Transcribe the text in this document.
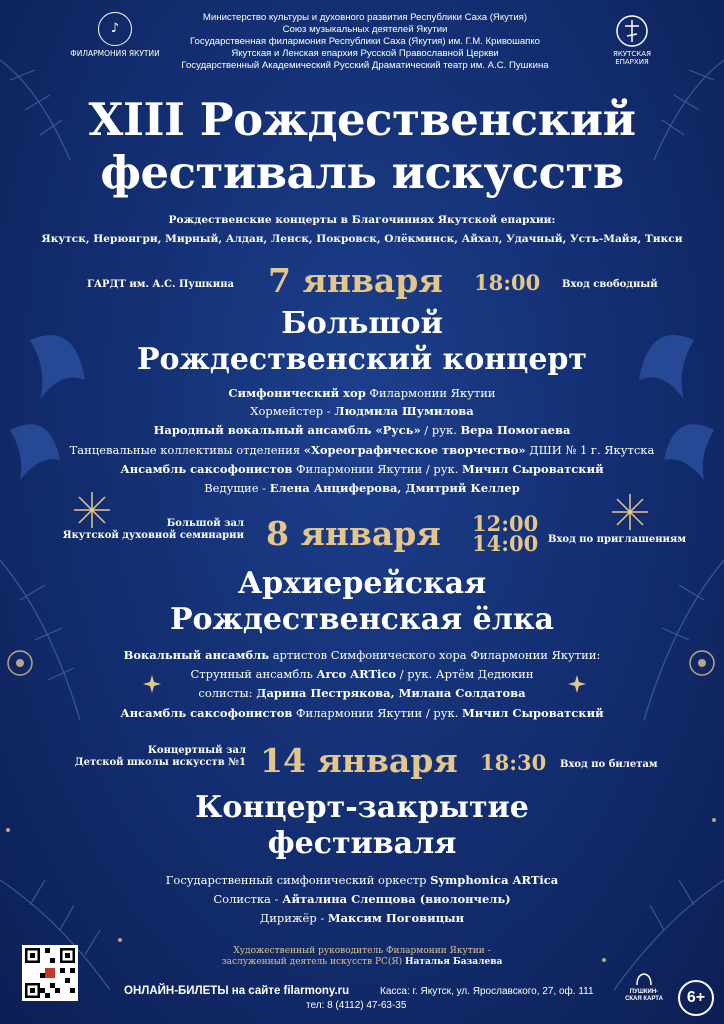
♪
ФИЛАРМОНИЯ ЯКУТИИ
Министерство культуры и духовного развития Республики Саха (Якутия)
Союз музыкальных деятелей Якутии
Государственная филармония Республики Саха (Якутия) им. Г.М. Кривошапко
Якутская и Ленская епархия Русской Православной Церкви
Государственный Академический Русский Драматический театр им. А.С. Пушкина
ЯКУТСКАЯ ЕПАРХИЯ
XIII Рождественский
фестиваль искусств
Рождественские концерты в Благочиниях Якутской епархии:
Якутск, Нерюнгри, Мирный, Алдан, Ленск, Покровск, Олёкминск, Айхал, Удачный, Усть-Майя, Тикси
ГАРДТ им. А.С. Пушкина 7 января 18:00 Вход свободный
Большой
Рождественский концерт
Симфонический хор Филармонии Якутии
Хормейстер - Людмила Шумилова
Народный вокальный ансамбль «Русь» / рук. Вера Помогаева
Танцевальные коллективы отделения «Хореографическое творчество» ДШИ № 1 г. Якутска
Ансамбль саксофонистов Филармонии Якутии / рук. Мичил Сыроватский
Ведущие - Елена Анциферова, Дмитрий Келлер
Большой зал
Якутской духовной семинарии 8 января 12:00
14:00 Вход по приглашениям
Архиерейская
Рождественская ёлка
Вокальный ансамбль артистов Симфонического хора Филармонии Якутии:
Струнный ансамбль Arco ARTico / рук. Артём Дедюкин
солисты: Дарина Пестрякова, Милана Солдатова
Ансамбль саксофонистов Филармонии Якутии / рук. Мичил Сыроватский
Концертный зал
Детской школы искусств №1 14 января 18:30 Вход по билетам
Концерт-закрытие
фестиваля
Государственный симфонический оркестр Symphonica ARTica
Солистка - Айталина Слепцова (виолончель)
Дирижёр - Максим Поговицын
Художественный руководитель Филармонии Якутии -
заслуженный деятель искусств РС(Я) Наталья Базалева
ОНЛАЙН-БИЛЕТЫ на сайте filarmony.ru	Касса: г. Якутск, ул. Ярославского, 27, оф. 111
тел: 8 (4112) 47-63-35
ПУШКИН-СКАЯ КАРТА	6+
